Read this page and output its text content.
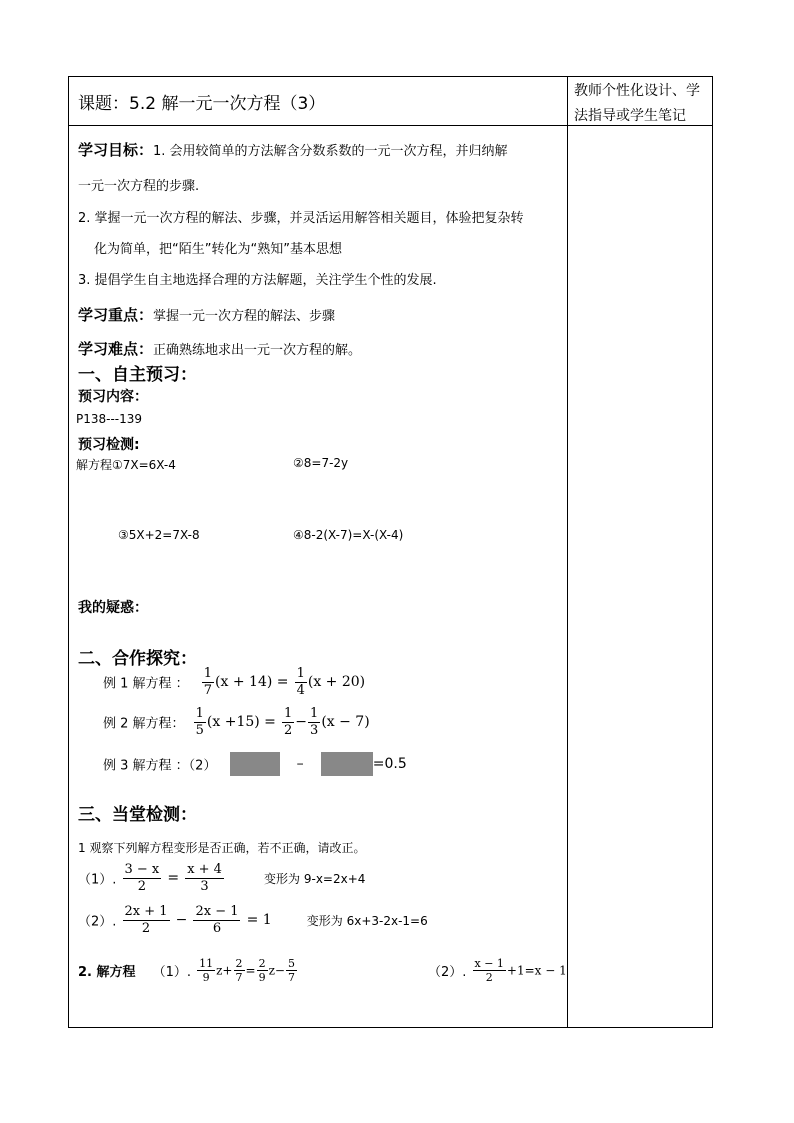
课题：5.2 解一元一次方程（3）
教师个性化设计、学
法指导或学生笔记
学习目标：1. 会用较简单的方法解含分数系数的一元一次方程，并归纳解
一元一次方程的步骤.
2. 掌握一元一次方程的解法、步骤，并灵活运用解答相关题目，体验把复杂转
化为简单，把“陌生”转化为“熟知”基本思想
3. 提倡学生自主地选择合理的方法解题，关注学生个性的发展.
学习重点：掌握一元一次方程的解法、步骤
学习难点：正确熟练地求出一元一次方程的解。
一、自主预习：
预习内容：
P138---139
预习检测:
解方程①7X=6X-4	②8=7-2y
③5X+2=7X-8	④8-2(X-7)=X-(X-4)
我的疑惑：
二、合作探究：
例 1 解方程 ： $\frac{1}{7} (x + 14) = \frac{1}{4} (x + 20)$
例 2 解方程： $\frac{1}{5} (x +15) = \frac{1}{2} - \frac{1}{3} (x - 7)$
例 3 解方程 ：（2）	–	=0.5
三、当堂检测：
1 观察下列解方程变形是否正确，若不正确，请改正。
（1）. $\frac{3 - x}{2} = \frac{x + 4}{3}$	变形为 9-x=2x+4
（2）. $\frac{2x + 1}{2} - \frac{2x - 1}{6} = 1$	变形为 6x+3-2x-1=6
2. 解方程 （1）. $\frac{11}{9} z+ \frac{2}{7} = \frac{2}{9} z- \frac{5}{7}$	（2）. $\frac{x - 1}{2} +1=x - 1$
